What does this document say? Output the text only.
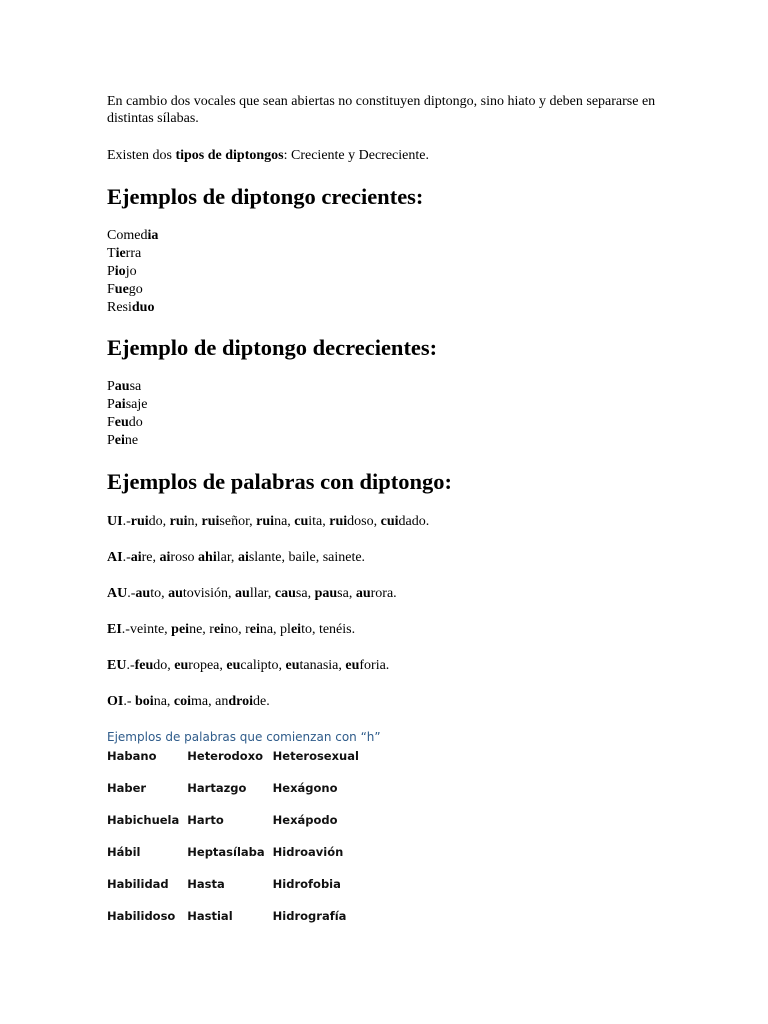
En cambio dos vocales que sean abiertas no constituyen diptongo, sino hiato y deben separarse en distintas sílabas.

Existen dos tipos de diptongos: Creciente y Decreciente.

Ejemplos de diptongo crecientes:
Comedia
Tierra
Piojo
Fuego
Residuo
Ejemplo de diptongo decrecientes:
Pausa
Paisaje
Feudo
Peine
Ejemplos de palabras con diptongo:

UI.-ruido, ruin, ruiseñor, ruina, cuita, ruidoso, cuidado.

AI.-aire, airoso ahilar, aislante, baile, sainete.

AU.-auto, autovisión, aullar, causa, pausa, aurora.

EI.-veinte, peine, reino, reina, pleito, tenéis.

EU.-feudo, europea, eucalipto, eutanasia, euforia.

OI.- boina, coima, androide.

Ejemplos de palabras que comienzan con “h”

Habano	Heterodoxo	Heterosexual
Haber	Hartazgo	Hexágono
Habichuela	Harto	Hexápodo
Hábil	Heptasílaba	Hidroavión
Habilidad	Hasta	Hidrofobia
Habilidoso	Hastial	Hidrografía
